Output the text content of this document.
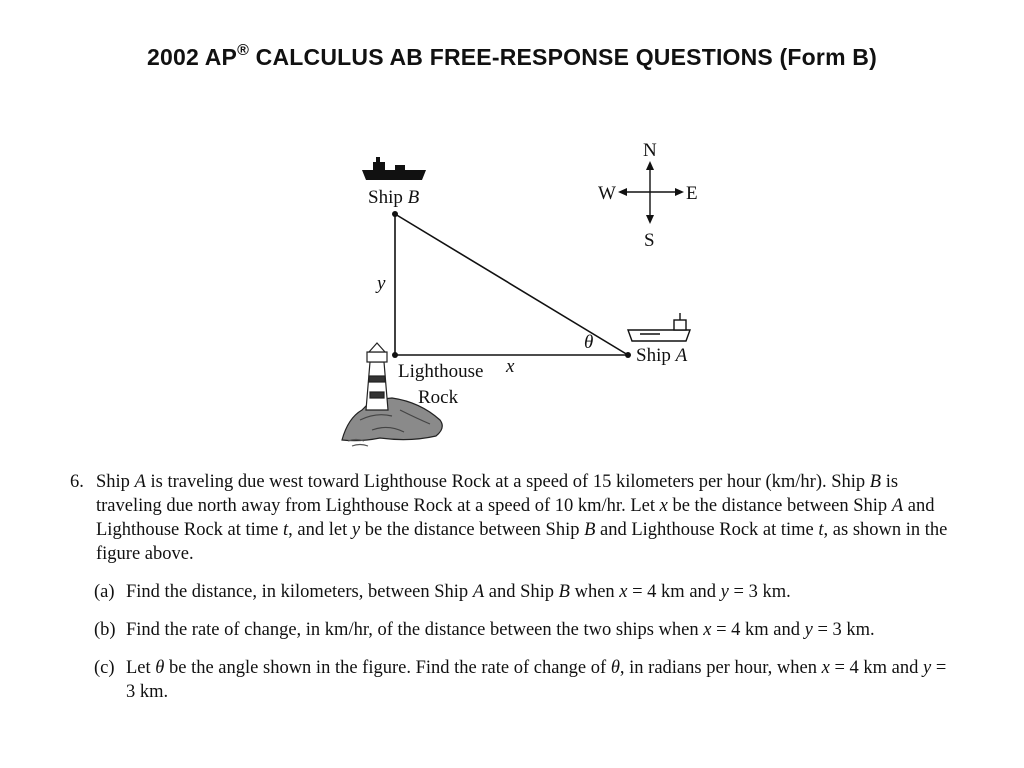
2002 AP® CALCULUS AB FREE-RESPONSE QUESTIONS (Form B)
Ship B
y
x
θ
Ship A
N
S
W	E
Lighthouse
Rock
6. Ship A is traveling due west toward Lighthouse Rock at a speed of 15 kilometers per hour (km/hr). Ship B is traveling due north away from Lighthouse Rock at a speed of 10 km/hr. Let x be the distance between Ship A and Lighthouse Rock at time t, and let y be the distance between Ship B and Lighthouse Rock at time t, as shown in the figure above.
(a) Find the distance, in kilometers, between Ship A and Ship B when x = 4 km and y = 3 km.
(b) Find the rate of change, in km/hr, of the distance between the two ships when x = 4 km and y = 3 km.
(c) Let θ be the angle shown in the figure. Find the rate of change of θ, in radians per hour, when x = 4 km and y = 3 km.
